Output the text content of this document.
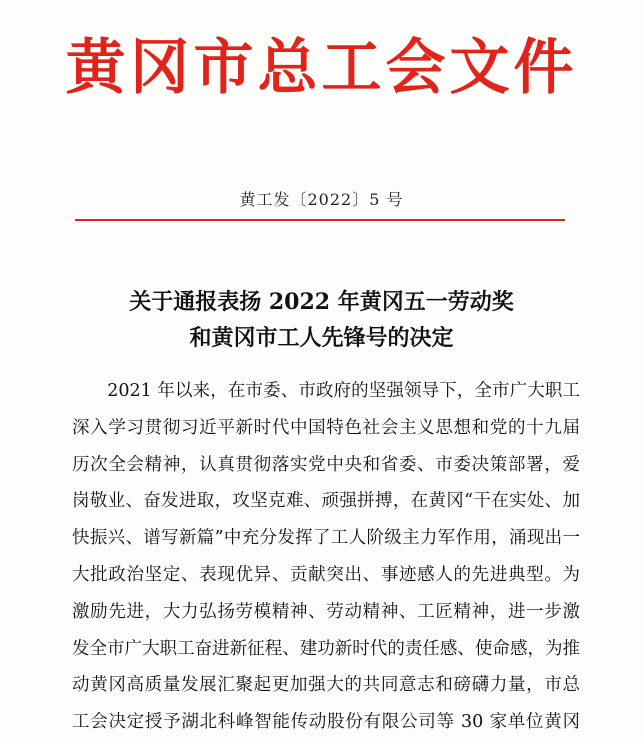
黄冈市总工会文件
黄工发〔2022〕5 号
关于通报表扬 2022 年黄冈五一劳动奖
和黄冈市工人先锋号的决定
　　2021 年以来，在市委、市政府的坚强领导下，全市广大职工
深入学习贯彻习近平新时代中国特色社会主义思想和党的十九届
历次全会精神，认真贯彻落实党中央和省委、市委决策部署，爱
岗敬业、奋发进取，攻坚克难、顽强拼搏，在黄冈“干在实处、加
快振兴、谱写新篇”中充分发挥了工人阶级主力军作用，涌现出一
大批政治坚定、表现优异、贡献突出、事迹感人的先进典型。为
激励先进，大力弘扬劳模精神、劳动精神、工匠精神，进一步激
发全市广大职工奋进新征程、建功新时代的责任感、使命感，为推
动黄冈高质量发展汇聚起更加强大的共同意志和磅礴力量，市总
工会决定授予湖北科峰智能传动股份有限公司等 30 家单位黄冈
